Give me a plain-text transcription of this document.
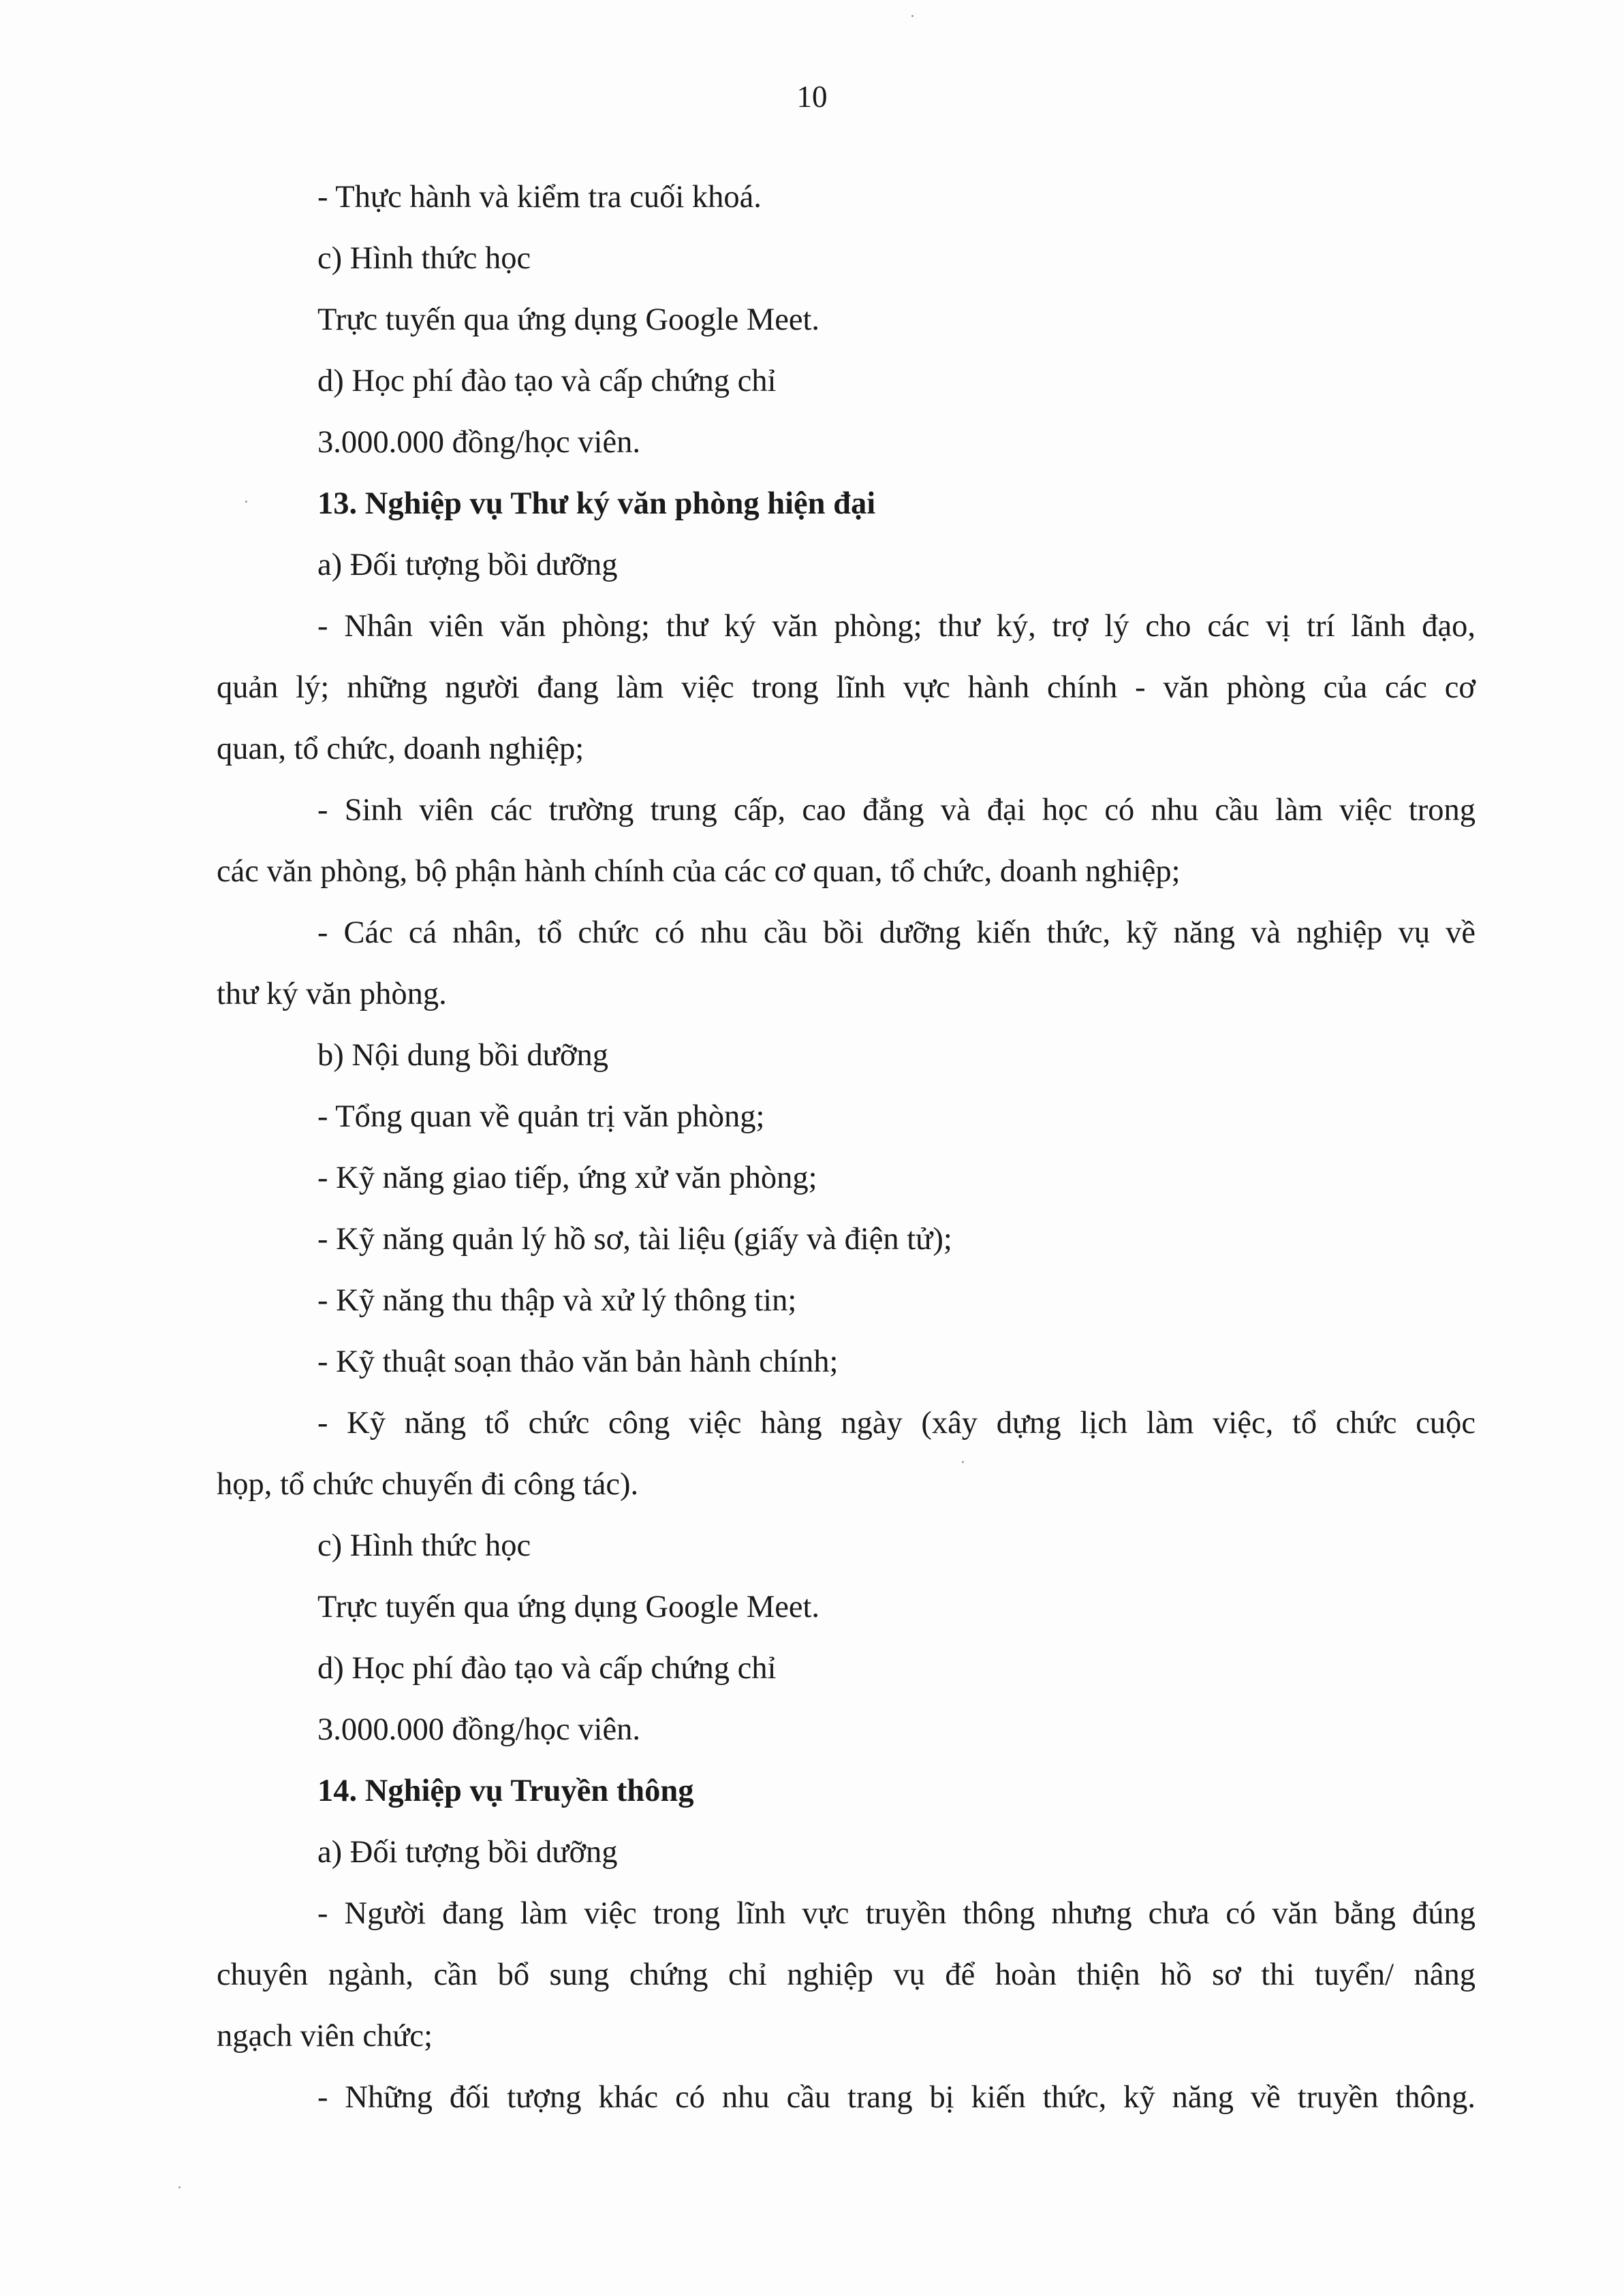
10

- Thực hành và kiểm tra cuối khoá.

c) Hình thức học

Trực tuyến qua ứng dụng Google Meet.

d) Học phí đào tạo và cấp chứng chỉ

3.000.000 đồng/học viên.

13. Nghiệp vụ Thư ký văn phòng hiện đại

a) Đối tượng bồi dưỡng

- Nhân viên văn phòng; thư ký văn phòng; thư ký, trợ lý cho các vị trí lãnh đạo,

quản lý; những người đang làm việc trong lĩnh vực hành chính - văn phòng của các cơ

quan, tổ chức, doanh nghiệp;

- Sinh viên các trường trung cấp, cao đẳng và đại học có nhu cầu làm việc trong

các văn phòng, bộ phận hành chính của các cơ quan, tổ chức, doanh nghiệp;

- Các cá nhân, tổ chức có nhu cầu bồi dưỡng kiến thức, kỹ năng và nghiệp vụ về

thư ký văn phòng.

b) Nội dung bồi dưỡng

- Tổng quan về quản trị văn phòng;

- Kỹ năng giao tiếp, ứng xử văn phòng;

- Kỹ năng quản lý hồ sơ, tài liệu (giấy và điện tử);

- Kỹ năng thu thập và xử lý thông tin;

- Kỹ thuật soạn thảo văn bản hành chính;

- Kỹ năng tổ chức công việc hàng ngày (xây dựng lịch làm việc, tổ chức cuộc

họp, tổ chức chuyến đi công tác).

c) Hình thức học

Trực tuyến qua ứng dụng Google Meet.

d) Học phí đào tạo và cấp chứng chỉ

3.000.000 đồng/học viên.

14. Nghiệp vụ Truyền thông

a) Đối tượng bồi dưỡng

- Người đang làm việc trong lĩnh vực truyền thông nhưng chưa có văn bằng đúng

chuyên ngành, cần bổ sung chứng chỉ nghiệp vụ để hoàn thiện hồ sơ thi tuyển/ nâng

ngạch viên chức;

- Những đối tượng khác có nhu cầu trang bị kiến thức, kỹ năng về truyền thông.
